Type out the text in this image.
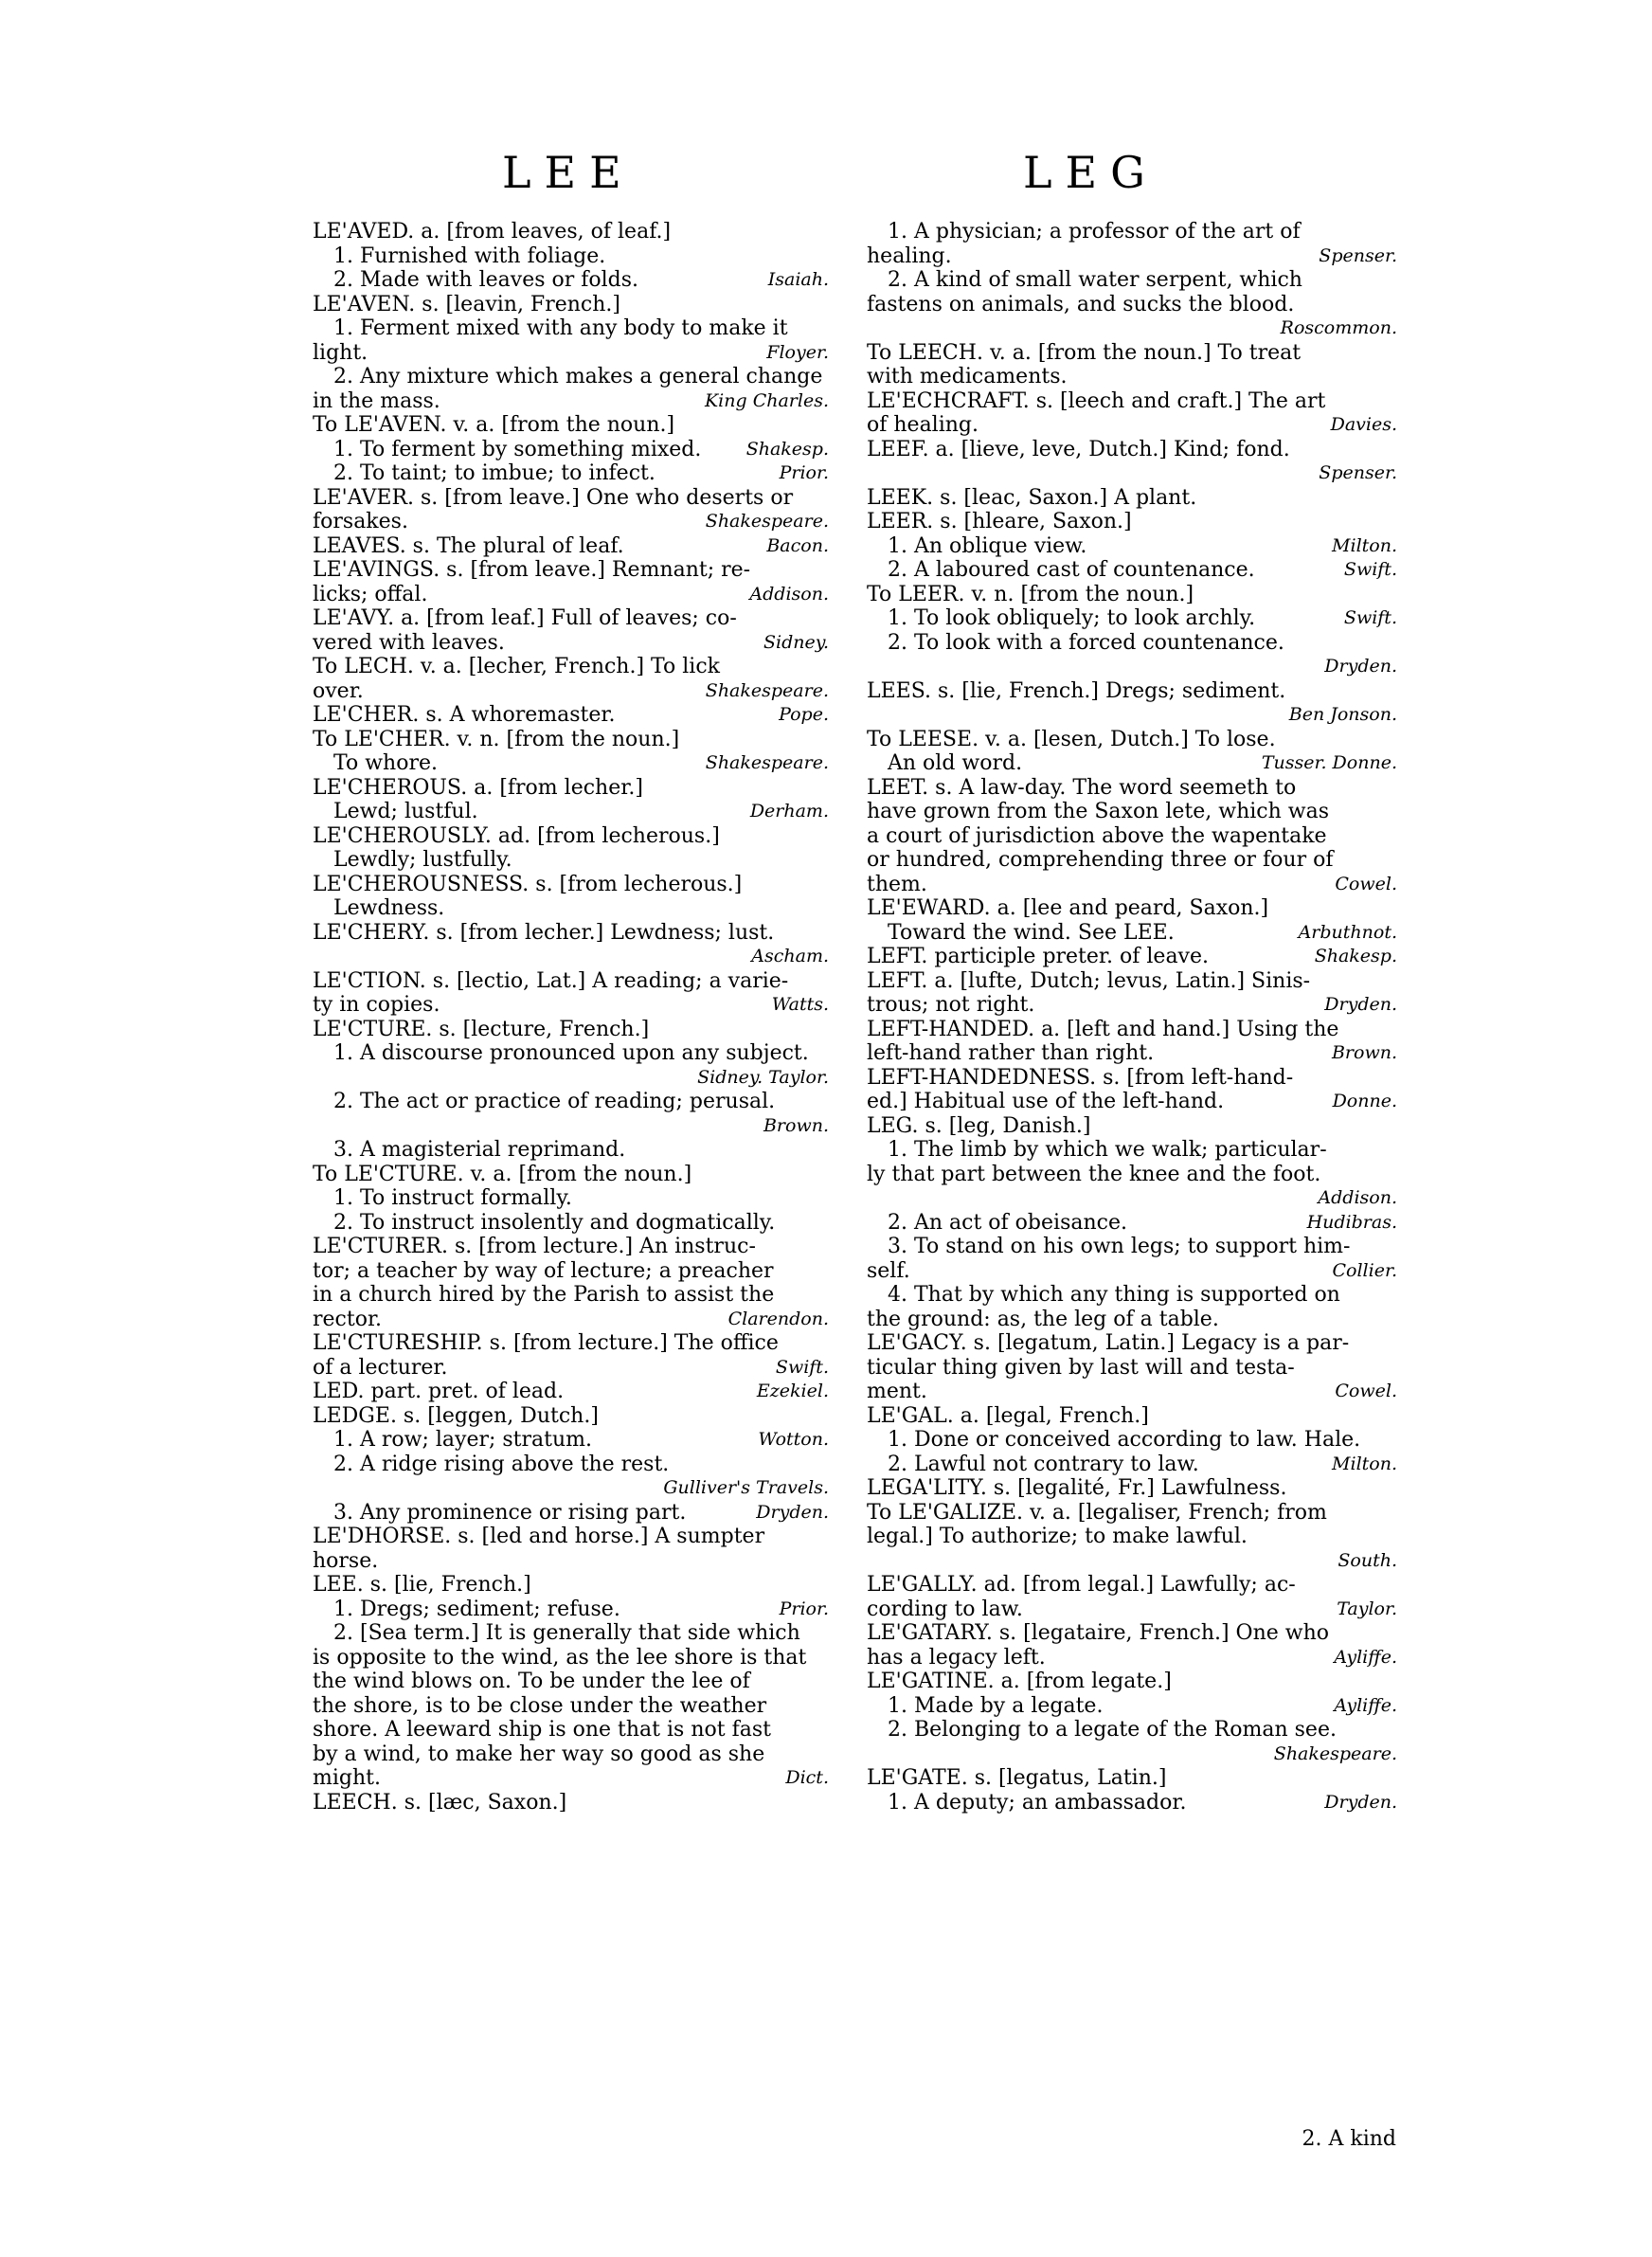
LEE	LEG
LE'AVED. a. [from leaves, of leaf.]
1. Furnished with foliage.
2. Made with leaves or folds.	Isaiah.
LE'AVEN. s. [leavin, French.]
1. Ferment mixed with any body to make it
light.	Floyer.
2. Any mixture which makes a general change
in the mass.	King Charles.
To LE'AVEN. v. a. [from the noun.]
1. To ferment by something mixed. Shakesp.
2. To taint; to imbue; to infect.	Prior.
LE'AVER. s. [from leave.] One who deserts or
forsakes.	Shakespeare.
LEAVES. s. The plural of leaf.	Bacon.
LE'AVINGS. s. [from leave.] Remnant; re-
licks; offal.	Addison.
LE'AVY. a. [from leaf.] Full of leaves; co-
vered with leaves.	Sidney.
To LECH. v. a. [lecher, French.] To lick
over.	Shakespeare.
LE'CHER. s. A whoremaster.	Pope.
To LE'CHER. v. n. [from the noun.]
To whore.	Shakespeare.
LE'CHEROUS. a. [from lecher.]
Lewd; lustful.	Derham.
LE'CHEROUSLY. ad. [from lecherous.]
Lewdly; lustfully.
LE'CHEROUSNESS. s. [from lecherous.]
Lewdness.
LE'CHERY. s. [from lecher.] Lewdness; lust.
Ascham.
LE'CTION. s. [lectio, Lat.] A reading; a varie-
ty in copies.	Watts.
LE'CTURE. s. [lecture, French.]
1. A discourse pronounced upon any subject.
Sidney. Taylor.
2. The act or practice of reading; perusal.
Brown.
3. A magisterial reprimand.
To LE'CTURE. v. a. [from the noun.]
1. To instruct formally.
2. To instruct insolently and dogmatically.
LE'CTURER. s. [from lecture.] An instruc-
tor; a teacher by way of lecture; a preacher
in a church hired by the Parish to assist the
rector.	Clarendon.
LE'CTURESHIP. s. [from lecture.] The office
of a lecturer.	Swift.
LED. part. pret. of lead.	Ezekiel.
LEDGE. s. [leggen, Dutch.]
1. A row; layer; stratum.	Wotton.
2. A ridge rising above the rest.
Gulliver's Travels.
3. Any prominence or rising part.	Dryden.
LE'DHORSE. s. [led and horse.] A sumpter
horse.
LEE. s. [lie, French.]
1. Dregs; sediment; refuse.	Prior.
2. [Sea term.] It is generally that side which
is opposite to the wind, as the lee shore is that
the wind blows on. To be under the lee of
the shore, is to be close under the weather
shore. A leeward ship is one that is not fast
by a wind, to make her way so good as she
might.	Dict.
LEECH. s. [læc, Saxon.]
1. A physician; a professor of the art of
healing.	Spenser.
2. A kind of small water serpent, which
fastens on animals, and sucks the blood.
Roscommon.
To LEECH. v. a. [from the noun.] To treat
with medicaments.
LE'ECHCRAFT. s. [leech and craft.] The art
of healing.	Davies.
LEEF. a. [lieve, leve, Dutch.] Kind; fond.
Spenser.
LEEK. s. [leac, Saxon.] A plant.
LEER. s. [hleare, Saxon.]
1. An oblique view.	Milton.
2. A laboured cast of countenance.	Swift.
To LEER. v. n. [from the noun.]
1. To look obliquely; to look archly.	Swift.
2. To look with a forced countenance.
Dryden.
LEES. s. [lie, French.] Dregs; sediment.
Ben Jonson.
To LEESE. v. a. [lesen, Dutch.] To lose.
An old word.	Tusser. Donne.
LEET. s. A law-day. The word seemeth to
have grown from the Saxon lete, which was
a court of jurisdiction above the wapentake
or hundred, comprehending three or four of
them.	Cowel.
LE'EWARD. a. [lee and peard, Saxon.]
Toward the wind. See LEE.	Arbuthnot.
LEFT. participle preter. of leave.	Shakesp.
LEFT. a. [lufte, Dutch; levus, Latin.] Sinis-
trous; not right.	Dryden.
LEFT-HANDED. a. [left and hand.] Using the
left-hand rather than right.	Brown.
LEFT-HANDEDNESS. s. [from left-hand-
ed.] Habitual use of the left-hand.	Donne.
LEG. s. [leg, Danish.]
1. The limb by which we walk; particular-
ly that part between the knee and the foot.
Addison.
2. An act of obeisance.	Hudibras.
3. To stand on his own legs; to support him-
self.	Collier.
4. That by which any thing is supported on
the ground: as, the leg of a table.
LE'GACY. s. [legatum, Latin.] Legacy is a par-
ticular thing given by last will and testa-
ment.	Cowel.
LE'GAL. a. [legal, French.]
1. Done or conceived according to law. Hale.
2. Lawful not contrary to law.	Milton.
LEGA'LITY. s. [legalité, Fr.] Lawfulness.
To LE'GALIZE. v. a. [legaliser, French; from
legal.] To authorize; to make lawful.
South.
LE'GALLY. ad. [from legal.] Lawfully; ac-
cording to law.	Taylor.
LE'GATARY. s. [legataire, French.] One who
has a legacy left.	Ayliffe.
LE'GATINE. a. [from legate.]
1. Made by a legate.	Ayliffe.
2. Belonging to a legate of the Roman see.
Shakespeare.
LE'GATE. s. [legatus, Latin.]
1. A deputy; an ambassador.	Dryden.
2. A kind
